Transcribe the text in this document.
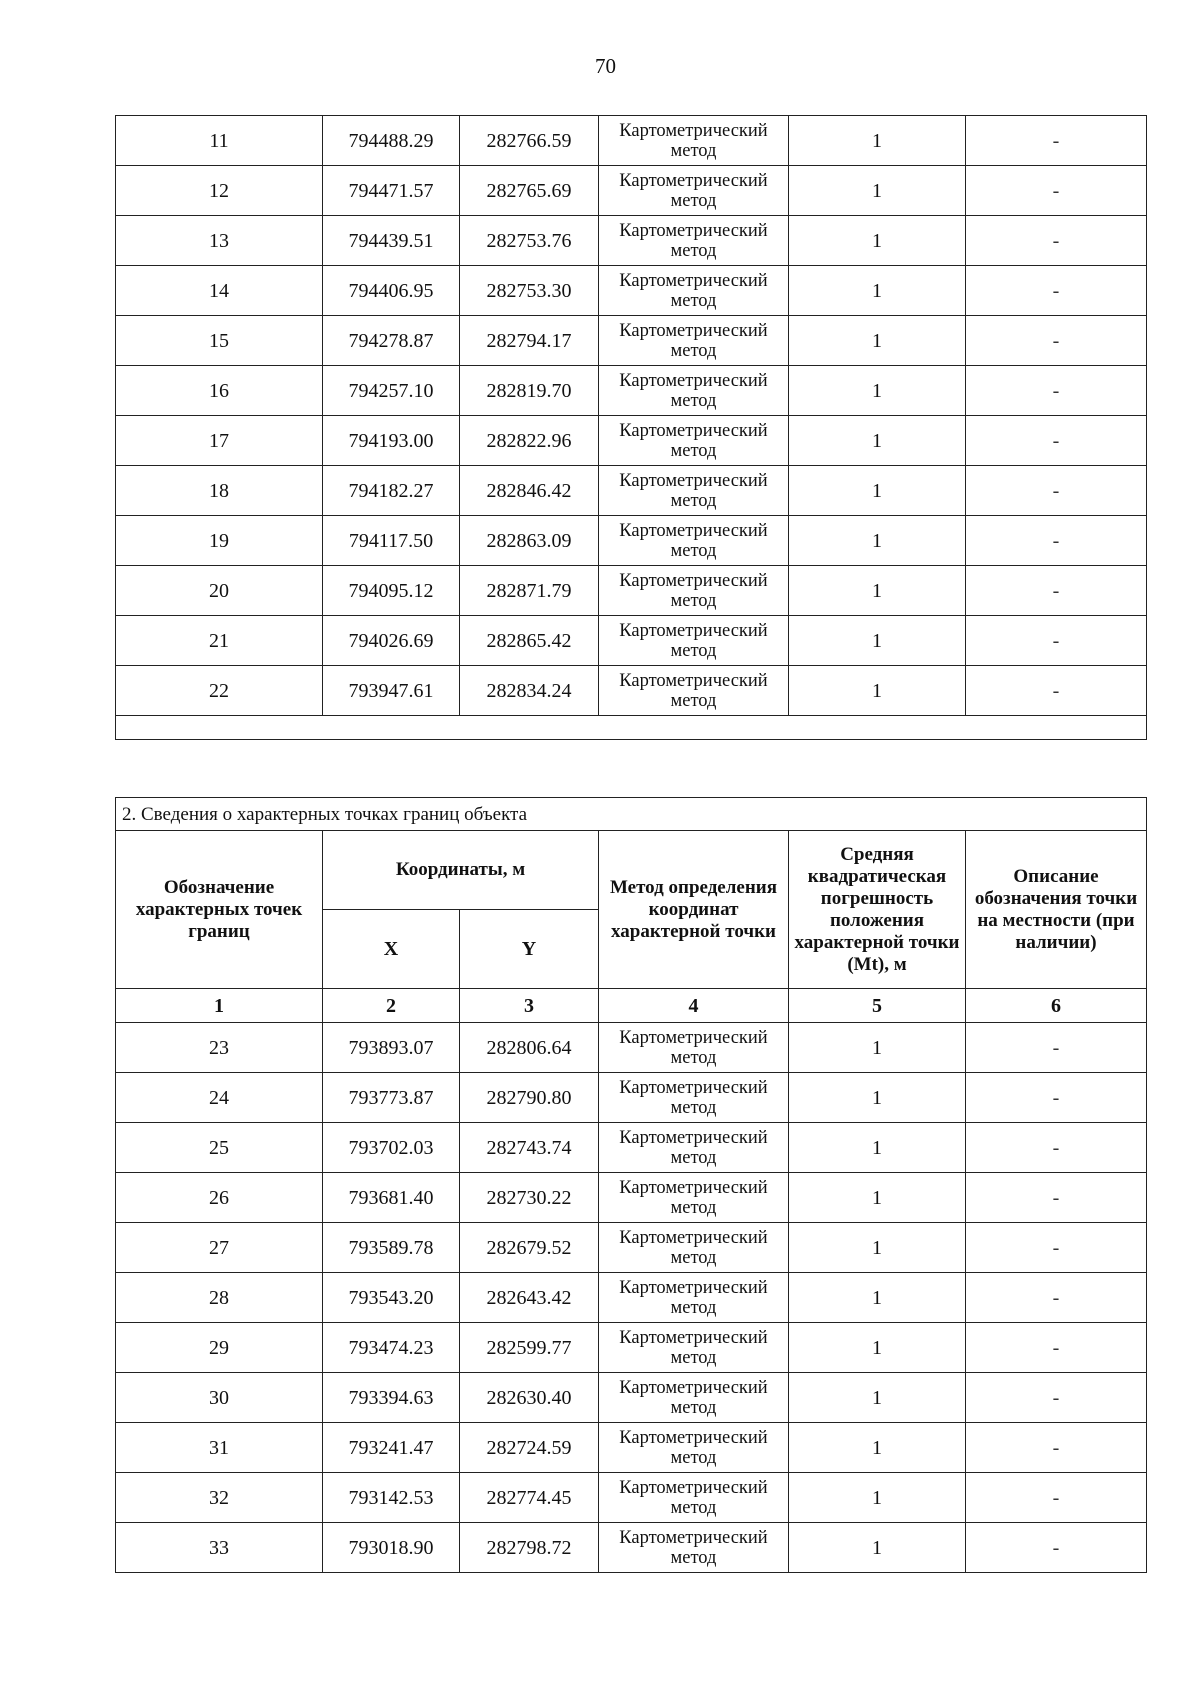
70
11	794488.29	282766.59	Картометрический метод	1	-
12	794471.57	282765.69	Картометрический метод	1	-
13	794439.51	282753.76	Картометрический метод	1	-
14	794406.95	282753.30	Картометрический метод	1	-
15	794278.87	282794.17	Картометрический метод	1	-
16	794257.10	282819.70	Картометрический метод	1	-
17	794193.00	282822.96	Картометрический метод	1	-
18	794182.27	282846.42	Картометрический метод	1	-
19	794117.50	282863.09	Картометрический метод	1	-
20	794095.12	282871.79	Картометрический метод	1	-
21	794026.69	282865.42	Картометрический метод	1	-
22	793947.61	282834.24	Картометрический метод	1	-

2. Сведения о характерных точках границ объекта					
Обозначение характерных точек границ	Координаты, м		Метод определения координат характерной точки	Средняя квадратическая погрешность положения характерной точки (Mt), м	Описание обозначения точки на местности (при наличии)
	X	Y			
1	2	3	4	5	6
23	793893.07	282806.64	Картометрический метод	1	-
24	793773.87	282790.80	Картометрический метод	1	-
25	793702.03	282743.74	Картометрический метод	1	-
26	793681.40	282730.22	Картометрический метод	1	-
27	793589.78	282679.52	Картометрический метод	1	-
28	793543.20	282643.42	Картометрический метод	1	-
29	793474.23	282599.77	Картометрический метод	1	-
30	793394.63	282630.40	Картометрический метод	1	-
31	793241.47	282724.59	Картометрический метод	1	-
32	793142.53	282774.45	Картометрический метод	1	-
33	793018.90	282798.72	Картометрический метод	1	-
